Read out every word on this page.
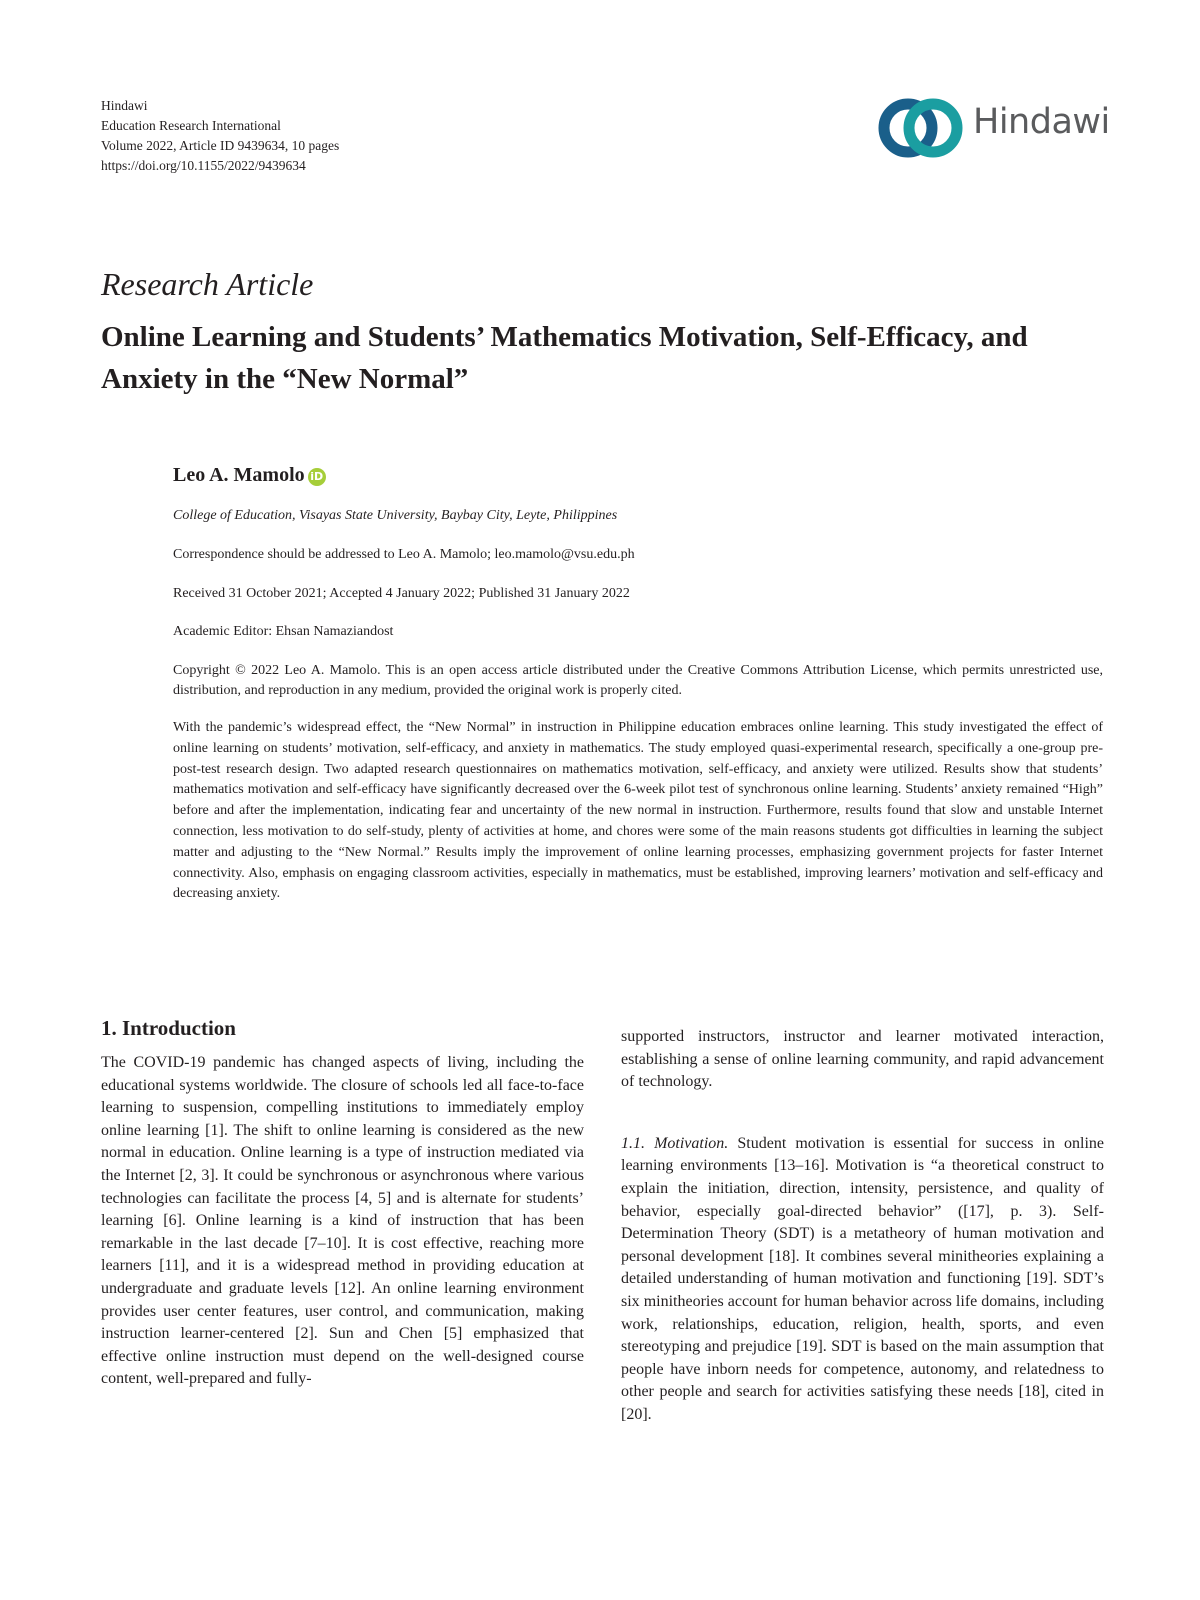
Hindawi
Education Research International
Volume 2022, Article ID 9439634, 10 pages
https://doi.org/10.1155/2022/9439634
Hindawi
Research Article
Online Learning and Students’ Mathematics Motivation, Self-Efficacy, and Anxiety in the “New Normal”
Leo A. Mamolo iD
College of Education, Visayas State University, Baybay City, Leyte, Philippines
Correspondence should be addressed to Leo A. Mamolo; leo.mamolo@vsu.edu.ph
Received 31 October 2021; Accepted 4 January 2022; Published 31 January 2022
Academic Editor: Ehsan Namaziandost
Copyright © 2022 Leo A. Mamolo. This is an open access article distributed under the Creative Commons Attribution License, which permits unrestricted use, distribution, and reproduction in any medium, provided the original work is properly cited.
With the pandemic’s widespread effect, the “New Normal” in instruction in Philippine education embraces online learning. This study investigated the effect of online learning on students’ motivation, self-efficacy, and anxiety in mathematics. The study employed quasi-experimental research, specifically a one-group pre-post-test research design. Two adapted research questionnaires on mathematics motivation, self-efficacy, and anxiety were utilized. Results show that students’ mathematics motivation and self-efficacy have significantly decreased over the 6-week pilot test of synchronous online learning. Students’ anxiety remained “High” before and after the implementation, indicating fear and uncertainty of the new normal in instruction. Furthermore, results found that slow and unstable Internet connection, less motivation to do self-study, plenty of activities at home, and chores were some of the main reasons students got difficulties in learning the subject matter and adjusting to the “New Normal.” Results imply the improvement of online learning processes, emphasizing government projects for faster Internet connectivity. Also, emphasis on engaging classroom activities, especially in mathematics, must be established, improving learners’ motivation and self-efficacy and decreasing anxiety.
1. Introduction

The COVID-19 pandemic has changed aspects of living, including the educational systems worldwide. The closure of schools led all face-to-face learning to suspension, compelling institutions to immediately employ online learning [1]. The shift to online learning is considered as the new normal in education. Online learning is a type of instruction mediated via the Internet [2, 3]. It could be synchronous or asynchronous where various technologies can facilitate the process [4, 5] and is alternate for students’ learning [6]. Online learning is a kind of instruction that has been remarkable in the last decade [7–10]. It is cost effective, reaching more learners [11], and it is a widespread method in providing education at undergraduate and graduate levels [12]. An online learning environment provides user center features, user control, and communication, making instruction learner-centered [2]. Sun and Chen [5] emphasized that effective online instruction must depend on the well-designed course content, well-prepared and fully-

supported instructors, instructor and learner motivated interaction, establishing a sense of online learning community, and rapid advancement of technology.

1.1. Motivation. Student motivation is essential for success in online learning environments [13–16]. Motivation is “a theoretical construct to explain the initiation, direction, intensity, persistence, and quality of behavior, especially goal-directed behavior” ([17], p. 3). Self-Determination Theory (SDT) is a metatheory of human motivation and personal development [18]. It combines several minitheories explaining a detailed understanding of human motivation and functioning [19]. SDT’s six minitheories account for human behavior across life domains, including work, relationships, education, religion, health, sports, and even stereotyping and prejudice [19]. SDT is based on the main assumption that people have inborn needs for competence, autonomy, and relatedness to other people and search for activities satisfying these needs [18], cited in [20].
